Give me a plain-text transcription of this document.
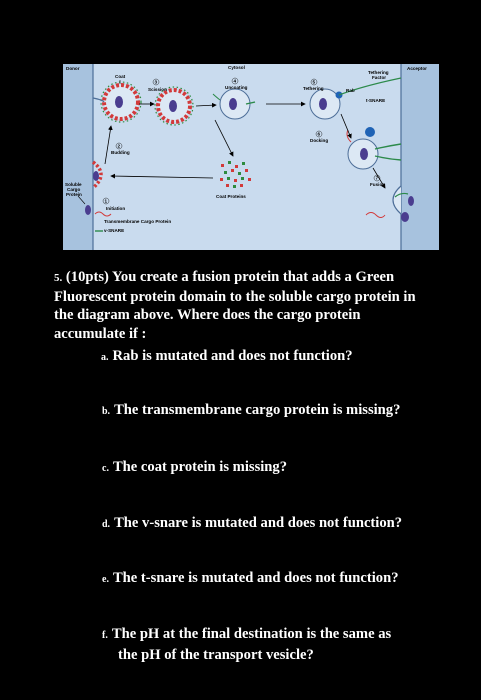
Donor	Cytosol	Acceptor
Coat
3
Scission
4
Uncoating
5
Tethering
Tethering
Factor
Rab
t-SNARE
6
Docking
2
Budding
Coat Proteins
7
Fusion
Soluble
Cargo
Protein
1
Initiation
Transmembrane Cargo Protein
v-SNARE
5. (10pts) You create a fusion protein that adds a Green Fluorescent protein domain to the soluble cargo protein in the diagram above. Where does the cargo protein accumulate if :
a. Rab is mutated and does not function?
b. The transmembrane cargo protein is missing?
c. The coat protein is missing?
d. The v-snare is mutated and does not function?
e. The t-snare is mutated and does not function?
f. The pH at the final destination is the same as
the pH of the transport vesicle?
